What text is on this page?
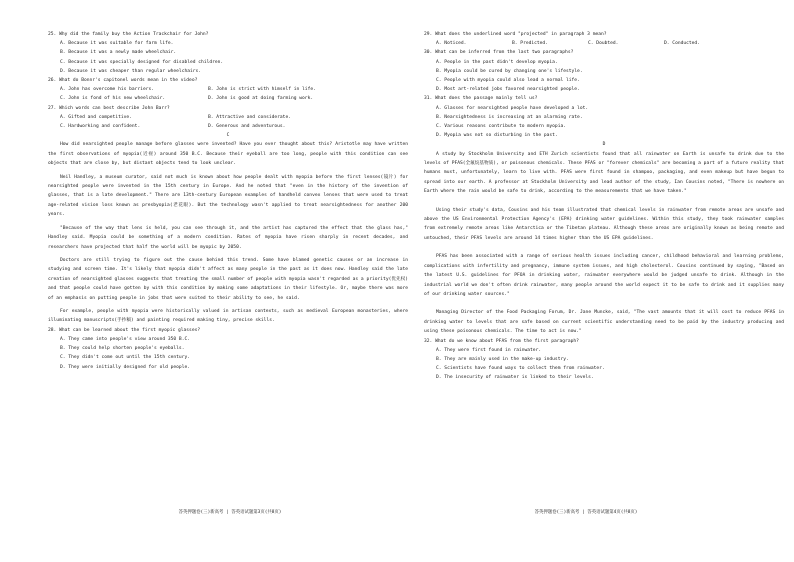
25. Why did the family buy the Action Trackchair for John?

A. Because it was suitable for farm life.

B. Because it was a newly made wheelchair.

C. Because it was specially designed for disabled children.

D. Because it was cheaper than regular wheelchairs.

26. What do Bonnr's capitonel words mean in the video?

A. John has overcome his barriers.	B. John is strict with himself in life.
C. John is fond of his new wheelchair.	D. John is good at doing farming work.

27. Which words can best describe John Barr?

A. Gifted and competitive.	B. Attractive and considerate.
C. Hardworking and confident.	D. Generous and adventurous.

C

How did nearsighted people manage before glasses were invented? Have you ever thought about this? Aristotle may have written the first observations of myopia(近视) around 350 B.C. Because their eyeball are too long, people with this condition can see objects that are close by, but distant objects tend to look unclear.

Neil Handley, a museum curator, said not much is known about how people dealt with myopia before the first lenses(镜片) for nearsighted people were invented in the 15th century in Europe. And he noted that "even in the history of the invention of glasses, that is a late development." There are 13th-century European examples of handheld convex lenses that were used to treat age-related vision loss known as presbyopia(老花眼). But the technology wasn't applied to treat nearsightedness for another 200 years.

"Because of the way that lens is held, you can see through it, and the artist has captured the effect that the glass has," Handley said. Myopia could be something of a modern condition. Rates of myopia have risen sharply in recent decades, and researchers have projected that half the world will be myopic by 2050.

Doctors are still trying to figure out the cause behind this trend. Some have blamed genetic causes or an increase in studying and screen time. It's likely that myopia didn't affect as many people in the past as it does now. Handley said the late creation of nearsighted glasses suggests that treating the small number of people with myopia wasn't regarded as a priority(优先权) and that people could have gotten by with this condition by making some adaptations in their lifestyle. Or, maybe there was more of an emphasis on putting people in jobs that were suited to their ability to see, he said.

For example, people with myopia were historically valued in artisan contexts, such as medieval European monasteries, where illuminating manuscripts(手抄稿) and painting required making tiny, precise skills.

28. What can be learned about the first myopic glasses?

A. They came into people's view around 350 B.C.

B. They could help shorten people's eyeballs.

C. They didn't come out until the 15th century.

D. They were initially designed for old people.

29. What does the underlined word "projected" in paragraph 3 mean?

A. Noticed.	B. Predicted.	C. Doubted.	D. Conducted.

30. What can be inferred from the last two paragraphs?

A. People in the past didn't develop myopia.

B. Myopia could be cured by changing one's lifestyle.

C. People with myopia could also lead a normal life.

D. Most art-related jobs favored nearsighted people.

31. What does the passage mainly tell us?

A. Glasses for nearsighted people have developed a lot.

B. Nearsightedness is increasing at an alarming rate.

C. Various reasons contribute to modern myopia.

D. Myopia was not so disturbing in the past.

D

A study by Stockholm University and ETH Zurich scientists found that all rainwater on Earth is unsafe to drink due to the levels of PFAS(全氟烷基物质), or poisonous chemicals. These PFAS or "forever chemicals" are becoming a part of a future reality that humans must, unfortunately, learn to live with. PFAS were first found in shampoo, packaging, and even makeup but have begun to spread into our earth. A professor at Stockholm University and lead author of the study, Ian Cousins noted, "There is nowhere on Earth where the rain would be safe to drink, according to the measurements that we have taken."

Using their study's data, Cousins and his team illustrated that chemical levels in rainwater from remote areas are unsafe and above the US Environmental Protection Agency's (EPA) drinking water guidelines. Within this study, they took rainwater samples from extremely remote areas like Antarctica or the Tibetan plateau. Although these areas are originally known as being remote and untouched, their PFAS levels are around 14 times higher than the US EPA guidelines.

PFAS has been associated with a range of serious health issues including cancer, childhood behavioral and learning problems, complications with infertility and pregnancy, immune system issues, and high cholesterol. Cousins continued by saying, "Based on the latest U.S. guidelines for PFOA in drinking water, rainwater everywhere would be judged unsafe to drink. Although in the industrial world we don't often drink rainwater, many people around the world expect it to be safe to drink and it supplies many of our drinking water sources."

Managing Director of the Food Packaging Forum, Dr. Jane Muncke, said, "The vast amounts that it will cost to reduce PFAS in drinking water to levels that are safe based on current scientific understanding need to be paid by the industry producing and using these poisonous chemicals. The time to act is now."

32. What do we know about PFAS from the first paragraph?

A. They were first found in rainwater.

B. They are mainly used in the make-up industry.

C. Scientists have found ways to collect them from rainwater.

D. The insecurity of rainwater is linked to their levels.

答英押题卷(三)新高考 | 答英语试题第3页(共8页)	答英押题卷(三)新高考 | 答英语试题第4页(共8页)
